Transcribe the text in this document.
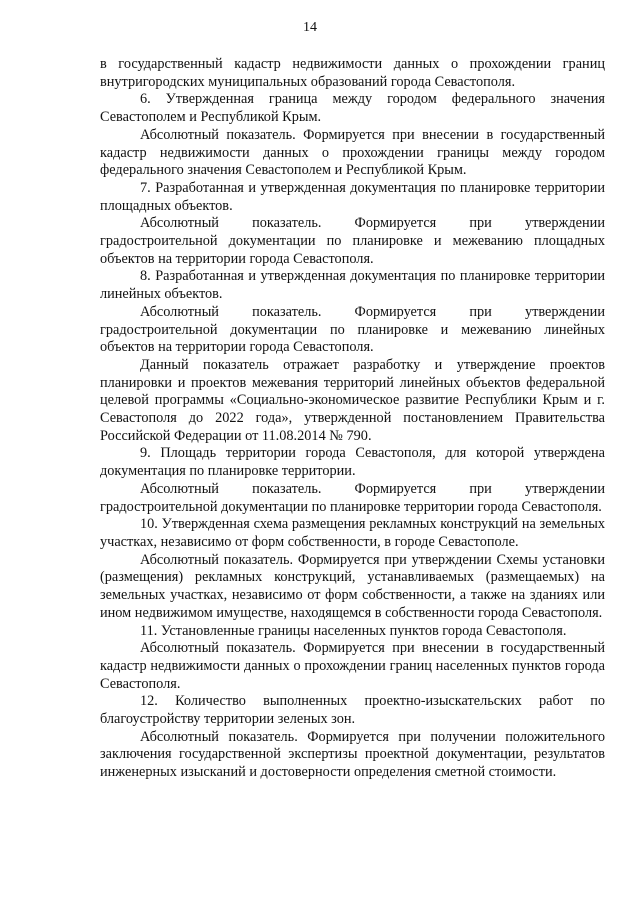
14

в государственный кадастр недвижимости данных о прохождении границ внутригородских муниципальных образований города Севастополя.

6. Утвержденная граница между городом федерального значения Севастополем и Республикой Крым.

Абсолютный показатель. Формируется при внесении в государственный кадастр недвижимости данных о прохождении границы между городом федерального значения Севастополем и Республикой Крым.

7. Разработанная и утвержденная документация по планировке территории площадных объектов.

Абсолютный показатель. Формируется при утверждении градостроительной документации по планировке и межеванию площадных объектов на территории города Севастополя.

8. Разработанная и утвержденная документация по планировке территории линейных объектов.

Абсолютный показатель. Формируется при утверждении градостроительной документации по планировке и межеванию линейных объектов на территории города Севастополя.

Данный показатель отражает разработку и утверждение проектов планировки и проектов межевания территорий линейных объектов федеральной целевой программы «Социально-экономическое развитие Республики Крым и г. Севастополя до 2022 года», утвержденной постановлением Правительства Российской Федерации от 11.08.2014 № 790.

9. Площадь территории города Севастополя, для которой утверждена документация по планировке территории.

Абсолютный показатель. Формируется при утверждении градостроительной документации по планировке территории города Севастополя.

10. Утвержденная схема размещения рекламных конструкций на земельных участках, независимо от форм собственности, в городе Севастополе.

Абсолютный показатель. Формируется при утверждении Схемы установки (размещения) рекламных конструкций, устанавливаемых (размещаемых) на земельных участках, независимо от форм собственности, а также на зданиях или ином недвижимом имуществе, находящемся в собственности города Севастополя.

11. Установленные границы населенных пунктов города Севастополя.

Абсолютный показатель. Формируется при внесении в государственный кадастр недвижимости данных о прохождении границ населенных пунктов города Севастополя.

12. Количество выполненных проектно-изыскательских работ по благоустройству территории зеленых зон.

Абсолютный показатель. Формируется при получении положительного заключения государственной экспертизы проектной документации, результатов инженерных изысканий и достоверности определения сметной стоимости.
